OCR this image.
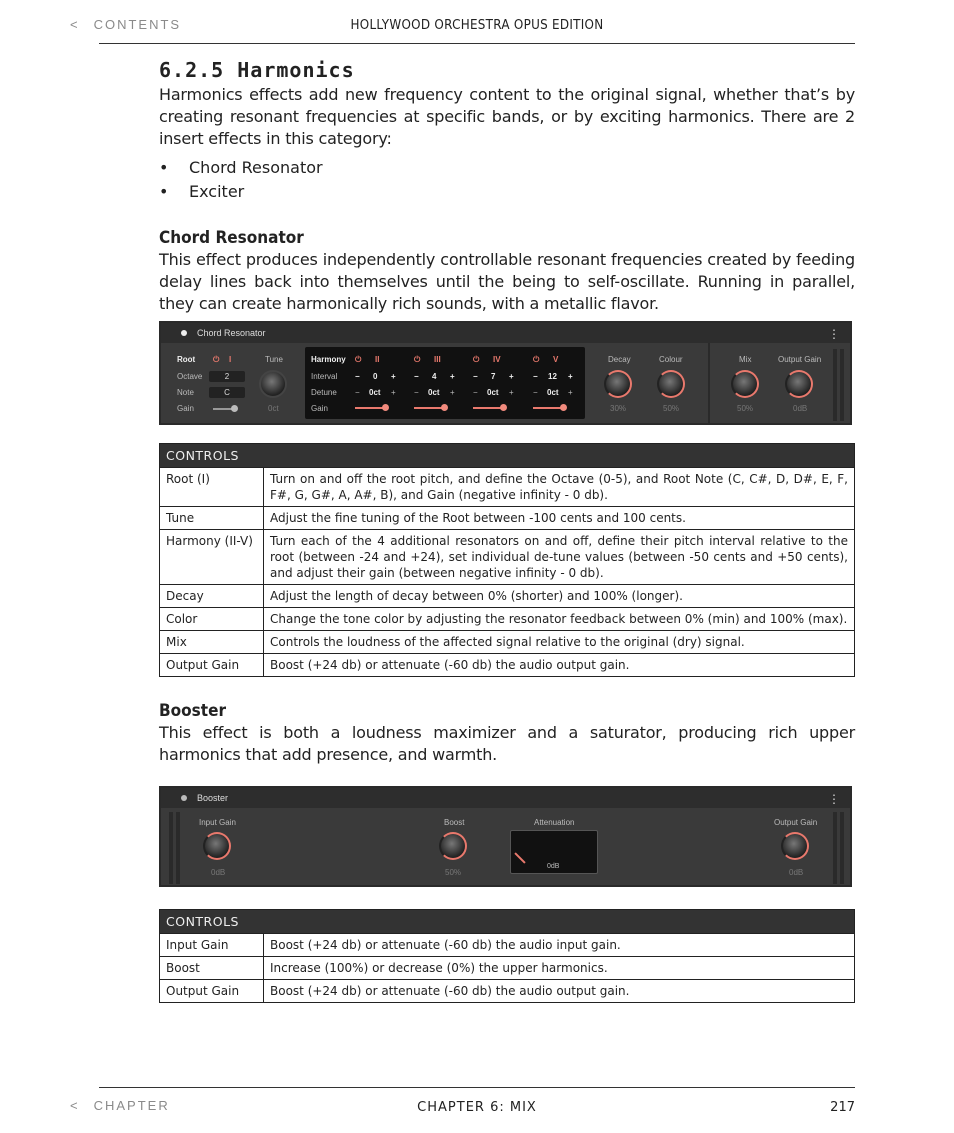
< CONTENTS	HOLLYWOOD ORCHESTRA OPUS EDITION
6.2.5 Harmonics

Harmonics effects add new frequency content to the original signal, whether that’s by creating resonant frequencies at specific bands, or by exciting harmonics. There are 2 insert effects in this category:

• Chord Resonator
• Exciter
Chord Resonator

This effect produces independently controllable resonant frequencies created by feeding delay lines back into themselves until the being to self-oscillate. Running in parallel, they can create harmonically rich sounds, with a metallic flavor.

Chord Resonator	⋮
Root ⏻ I
Octave	2
Note	C
Gain
Tune
0ct
Harmony
Interval
Detune
Gain
⏻ II
− 0 +
− 0ct +
⏻ III
− 4 +
− 0ct +
⏻ IV
− 7 +
− 0ct +
⏻ V
− 12 +
− 0ct +
Decay
30%
Colour
50%
Mix
50%
Output Gain
0dB
CONTROLS	
Root (I)	Turn on and off the root pitch, and define the Octave (0-5), and Root Note (C, C#, D, D#, E, F, F#, G, G#, A, A#, B), and Gain (negative infinity - 0 db).
Tune	Adjust the fine tuning of the Root between -100 cents and 100 cents.
Harmony (II-V)	Turn each of the 4 additional resonators on and off, define their pitch interval relative to the root (between -24 and +24), set individual de-tune values (between -50 cents and +50 cents), and adjust their gain (between negative infinity - 0 db).
Decay	Adjust the length of decay between 0% (shorter) and 100% (longer).
Color	Change the tone color by adjusting the resonator feedback between 0% (min) and 100% (max).
Mix	Controls the loudness of the affected signal relative to the original (dry) signal.
Output Gain	Boost (+24 db) or attenuate (-60 db) the audio output gain.
Booster

This effect is both a loudness maximizer and a saturator, producing rich upper harmonics that add presence, and warmth.

Booster	⋮
Input Gain
0dB
Boost
50%
Attenuation
0dB
Output Gain
0dB
CONTROLS	
Input Gain	Boost (+24 db) or attenuate (-60 db) the audio input gain.
Boost	Increase (100%) or decrease (0%) the upper harmonics.
Output Gain	Boost (+24 db) or attenuate (-60 db) the audio output gain.
< CHAPTER	CHAPTER 6: MIX	217
